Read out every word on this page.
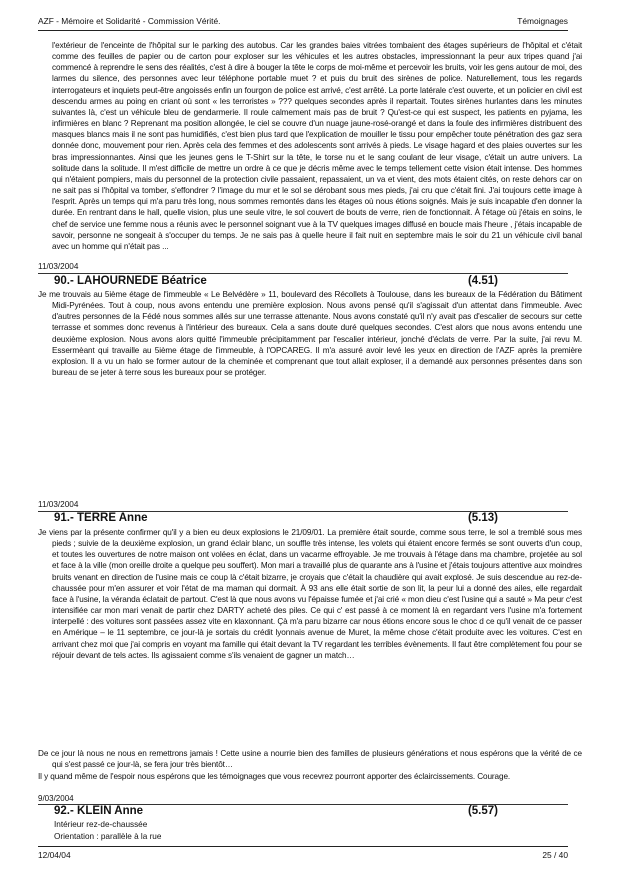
AZF - Mémoire et Solidarité - Commission Vérité.	Témoignages
l'extérieur de l'enceinte de l'hôpital sur le parking des autobus. Car les grandes baies vitrées tombaient des étages supérieurs de l'hôpital et c'était comme des feuilles de papier ou de carton pour exploser sur les véhicules et les autres obstacles, impressionnant la peur aux tripes quand j'ai commencé à reprendre le sens des réalités, c'est à dire à bouger la tête le corps de moi-même et percevoir les bruits, voir les gens autour de moi, des larmes du silence, des personnes avec leur téléphone portable muet ? et puis du bruit des sirènes de police. Naturellement, tous les regards interrogateurs et inquiets peut-être angoissés enfin un fourgon de police est arrivé, c'est arrêté. La porte latérale c'est ouverte, et un policier en civil est descendu armes au poing en criant où sont « les terroristes » ??? quelques secondes après il repartait. Toutes sirènes hurlantes dans les minutes suivantes là, c'est un véhicule bleu de gendarmerie. Il roule calmement mais pas de bruit ? Qu'est-ce qui est suspect, les patients en pyjama, les infirmières en blanc ? Reprenant ma position allongée, le ciel se couvre d'un nuage jaune-rosé-orangé et dans la foule des infirmières distribuent des masques blancs mais il ne sont pas humidifiés, c'est bien plus tard que l'explication de mouiller le tissu pour empêcher toute pénétration des gaz sera donnée donc, mouvement pour rien. Après cela des femmes et des adolescents sont arrivés à pieds. Le visage hagard et des plaies ouvertes sur les bras impressionnantes. Ainsi que les jeunes gens le T-Shirt sur la tête, le torse nu et le sang coulant de leur visage, c'était un autre univers. La solitude dans la solitude. Il m'est difficile de mettre un ordre à ce que je décris même avec le temps tellement cette vision était intense. Des hommes qui n'étaient pompiers, mais du personnel de la protection civile passaient, repassaient, un va et vient, des mots étaient cités, on reste dehors car on ne sait pas si l'hôpital va tomber, s'effondrer ? l'image du mur et le sol se dérobant sous mes pieds, j'ai cru que c'était fini. J'ai toujours cette image à l'esprit. Après un temps qui m'a paru très long, nous sommes remontés dans les étages où nous étions soignés. Mais je suis incapable d'en donner la durée. En rentrant dans le hall, quelle vision, plus une seule vitre, le sol couvert de bouts de verre, rien de fonctionnait. À l'étage où j'étais en soins, le chef de service une femme nous a réunis avec le personnel soignant vue à la TV quelques images diffusé en boucle mais l'heure , j'étais incapable de savoir, personne ne songeait à s'occuper du temps. Je ne sais pas à quelle heure il fait nuit en septembre mais le soir du 21 un véhicule civil banal avec un homme qui n'était pas ...
11/03/2004
90.- LAHOURNEDE Béatrice	(4.51)
Je me trouvais au 5ième étage de l'immeuble « Le Belvédère » 11, boulevard des Récollets à Toulouse, dans les bureaux de la Fédération du Bâtiment Midi-Pyrénées. Tout à coup, nous avons entendu une première explosion. Nous avons pensé qu'il s'agissait d'un attentat dans l'immeuble. Avec d'autres personnes de la Fédé nous sommes allés sur une terrasse attenante. Nous avons constaté qu'il n'y avait pas d'escalier de secours sur cette terrasse et sommes donc revenus à l'intérieur des bureaux. Cela a sans doute duré quelques secondes. C'est alors que nous avons entendu une deuxième explosion. Nous avons alors quitté l'immeuble précipitamment par l'escalier intérieur, jonché d'éclats de verre. Par la suite, j'ai revu M. Essermèant qui travaille au 5ième étage de l'immeuble, à l'OPCAREG. Il m'a assuré avoir levé les yeux en direction de l'AZF après la première explosion. Il a vu un halo se former autour de la cheminée et comprenant que tout allait exploser, il a demandé aux personnes présentes dans son bureau de se jeter à terre sous les bureaux pour se protéger.
11/03/2004
91.- TERRE Anne	(5.13)
Je viens par la présente confirmer qu'il y a bien eu deux explosions le 21/09/01. La première était sourde, comme sous terre, le sol a tremblé sous mes pieds ; suivie de la deuxième explosion, un grand éclair blanc, un souffle très intense, les volets qui étaient encore fermés se sont ouverts d'un coup, et toutes les ouvertures de notre maison ont volées en éclat, dans un vacarme effroyable. Je me trouvais à l'étage dans ma chambre, projetée au sol et face à la ville (mon oreille droite a quelque peu souffert). Mon mari a travaillé plus de quarante ans à l'usine et j'étais toujours attentive aux moindres bruits venant en direction de l'usine mais ce coup là c'était bizarre, je croyais que c'était la chaudière qui avait explosé. Je suis descendue au rez-de-chaussée pour m'en assurer et voir l'état de ma maman qui dormait. À 93 ans elle était sortie de son lit, la peur lui a donné des ailes, elle regardait face à l'usine, la véranda éclatait de partout. C'est là que nous avons vu l'épaisse fumée et j'ai crié « mon dieu c'est l'usine qui a sauté » Ma peur c'est intensifiée car mon mari venait de partir chez DARTY acheté des piles. Ce qui c' est passé à ce moment là en regardant vers l'usine m'a fortement interpellé : des voitures sont passées assez vite en klaxonnant. Çà m'a paru bizarre car nous étions encore sous le choc d ce qu'il venait de ce passer en Amérique – le 11 septembre, ce jour-là je sortais du crédit lyonnais avenue de Muret, la même chose c'était produite avec les voitures. C'est en arrivant chez moi que j'ai compris en voyant ma famille qui était devant la TV regardant les terribles évènements. Il faut être complètement fou pour se réjouir devant de tels actes. Ils agissaient comme s'ils venaient de gagner un match…
De ce jour là nous ne nous en remettrons jamais ! Cette usine a nourrie bien des familles de plusieurs générations et nous espérons que la vérité de ce qui s'est passé ce jour-là, se fera jour très bientôt…
Il y quand même de l'espoir nous espérons que les témoignages que vous recevrez pourront apporter des éclaircissements. Courage.
9/03/2004
92.- KLEIN Anne	(5.57)
Intérieur rez-de-chaussée
Orientation : parallèle à la rue
12/04/04	25 / 40
